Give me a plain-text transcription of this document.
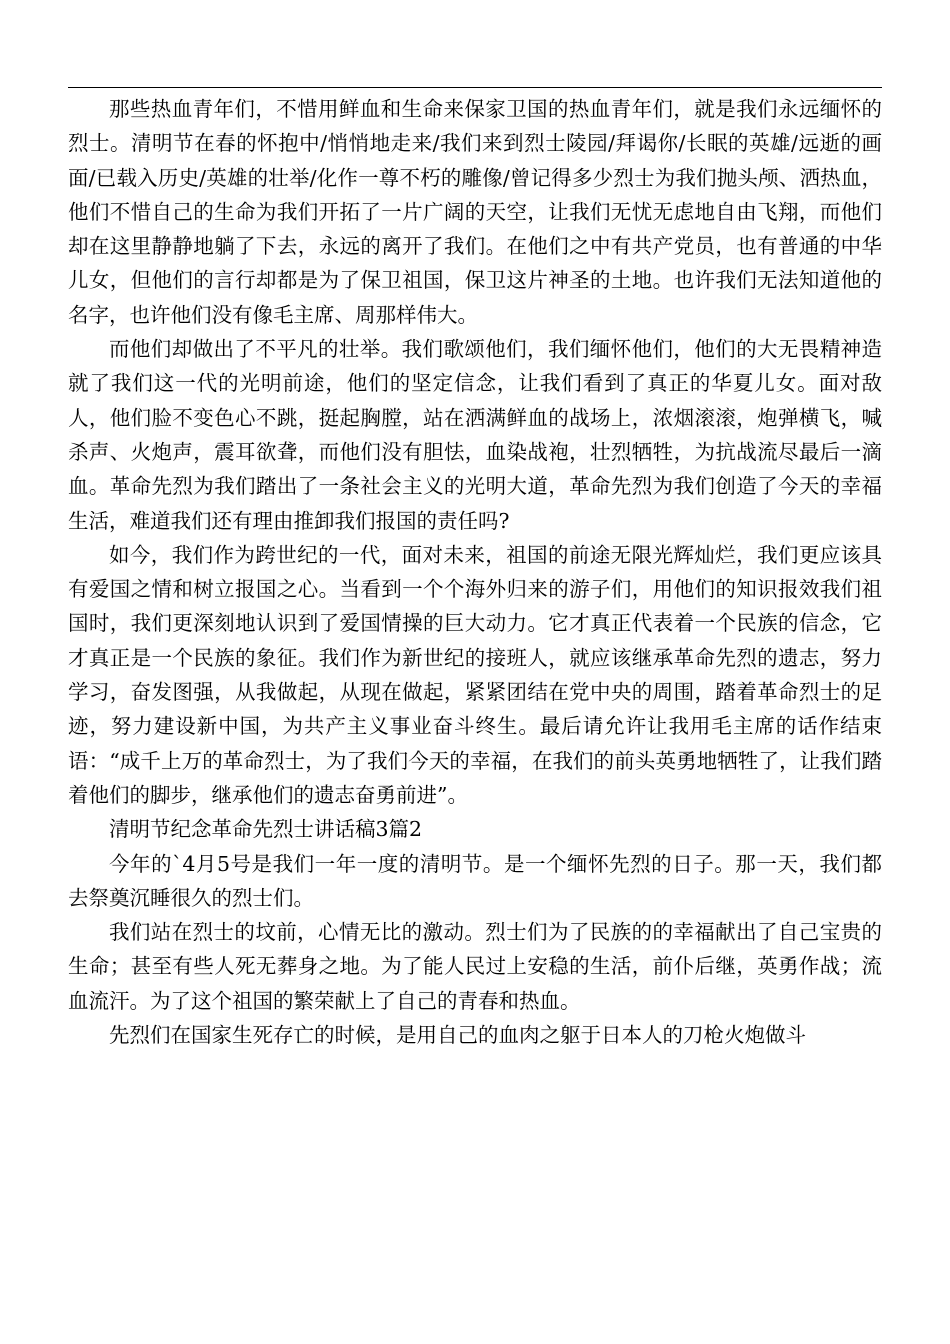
那些热血青年们，不惜用鲜血和生命来保家卫国的热血青年们，就是我们永远缅怀的烈士。清明节在春的怀抱中/悄悄地走来/我们来到烈士陵园/拜谒你/长眠的英雄/远逝的画面/已载入历史/英雄的壮举/化作一尊不朽的雕像/曾记得多少烈士为我们抛头颅、洒热血，他们不惜自己的生命为我们开拓了一片广阔的天空，让我们无忧无虑地自由飞翔，而他们却在这里静静地躺了下去，永远的离开了我们。在他们之中有共产党员，也有普通的中华儿女，但他们的言行却都是为了保卫祖国，保卫这片神圣的土地。也许我们无法知道他的名字，也许他们没有像毛主席、周那样伟大。

而他们却做出了不平凡的壮举。我们歌颂他们，我们缅怀他们，他们的大无畏精神造就了我们这一代的光明前途，他们的坚定信念，让我们看到了真正的华夏儿女。面对敌人，他们脸不变色心不跳，挺起胸膛，站在洒满鲜血的战场上，浓烟滚滚，炮弹横飞，喊杀声、火炮声，震耳欲聋，而他们没有胆怯，血染战袍，壮烈牺牲，为抗战流尽最后一滴血。革命先烈为我们踏出了一条社会主义的光明大道，革命先烈为我们创造了今天的幸福生活，难道我们还有理由推卸我们报国的责任吗?

如今，我们作为跨世纪的一代，面对未来，祖国的前途无限光辉灿烂，我们更应该具有爱国之情和树立报国之心。当看到一个个海外归来的游子们，用他们的知识报效我们祖国时，我们更深刻地认识到了爱国情操的巨大动力。它才真正代表着一个民族的信念，它才真正是一个民族的象征。我们作为新世纪的接班人，就应该继承革命先烈的遗志，努力学习，奋发图强，从我做起，从现在做起，紧紧团结在党中央的周围，踏着革命烈士的足迹，努力建设新中国，为共产主义事业奋斗终生。最后请允许让我用毛主席的话作结束语：“成千上万的革命烈士，为了我们今天的幸福，在我们的前头英勇地牺牲了，让我们踏着他们的脚步，继承他们的遗志奋勇前进”。

清明节纪念革命先烈士讲话稿3篇2

今年的`4月5号是我们一年一度的清明节。是一个缅怀先烈的日子。那一天，我们都去祭奠沉睡很久的烈士们。

我们站在烈士的坟前，心情无比的激动。烈士们为了民族的的幸福献出了自己宝贵的生命；甚至有些人死无葬身之地。为了能人民过上安稳的生活，前仆后继，英勇作战；流血流汗。为了这个祖国的繁荣献上了自己的青春和热血。

先烈们在国家生死存亡的时候，是用自己的血肉之躯于日本人的刀枪火炮做斗
